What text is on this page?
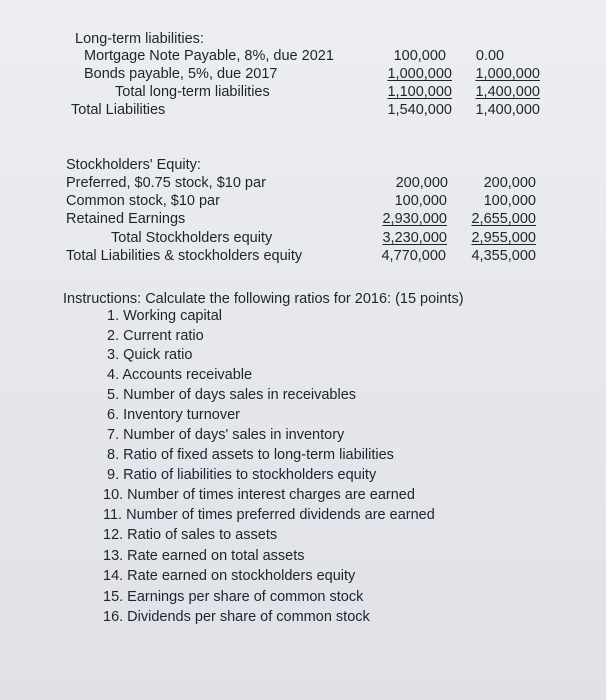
Long-term liabilities:
Mortgage Note Payable, 8%, due 2021	100,000	0.00
Bonds payable, 5%, due 2017	1,000,000	1,000,000
Total long-term liabilities	1,100,000	1,400,000
Total Liabilities	1,540,000	1,400,000
Stockholders' Equity:
Preferred, $0.75 stock, $10 par	200,000	200,000
Common stock, $10 par	100,000	100,000
Retained Earnings	2,930,000	2,655,000
Total Stockholders equity	3,230,000	2,955,000
Total Liabilities & stockholders equity	4,770,000	4,355,000
Instructions: Calculate the following ratios for 2016: (15 points)
1. Working capital
2. Current ratio
3. Quick ratio
4. Accounts receivable
5. Number of days sales in receivables
6. Inventory turnover
7. Number of days' sales in inventory
8. Ratio of fixed assets to long-term liabilities
9. Ratio of liabilities to stockholders equity
10. Number of times interest charges are earned
11. Number of times preferred dividends are earned
12. Ratio of sales to assets
13. Rate earned on total assets
14. Rate earned on stockholders equity
15. Earnings per share of common stock
16. Dividends per share of common stock
